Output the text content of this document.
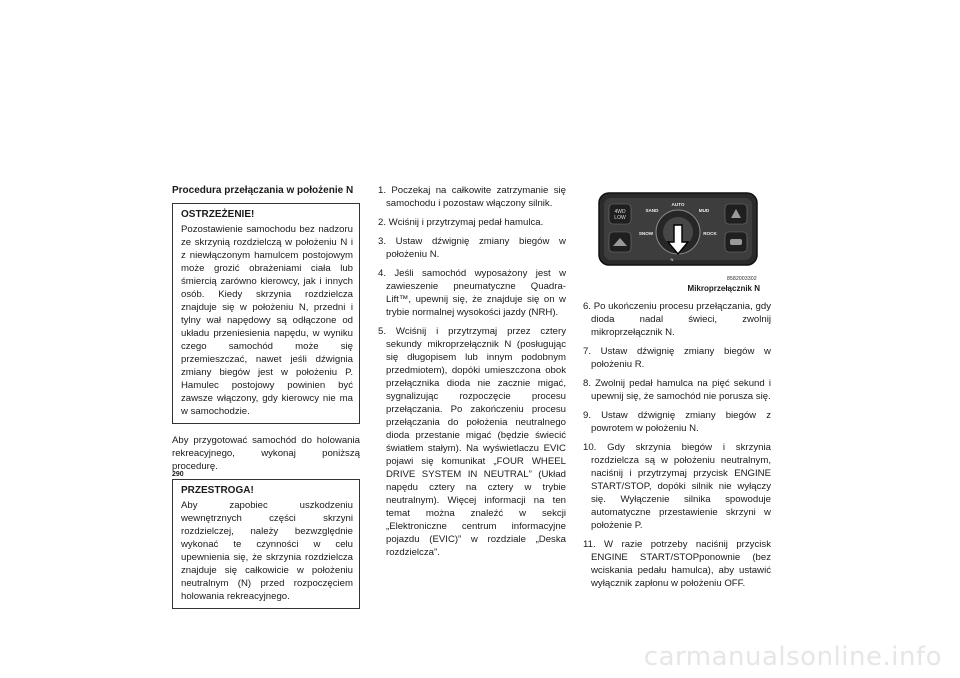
Procedura przełączania w położenie N
OSTRZEŻENIE!
Pozostawienie samochodu bez nadzoru ze skrzynią rozdzielczą w położeniu N i z niewłączonym hamulcem postojowym może grozić obrażeniami ciała lub śmiercią zarówno kierowcy, jak i innych osób. Kiedy skrzynia rozdzielcza znajduje się w położeniu N, przedni i tylny wał napędowy są odłączone od układu przeniesienia napędu, w wyniku czego samochód może się przemieszczać, nawet jeśli dźwignia zmiany biegów jest w położeniu P. Hamulec postojowy powinien być zawsze włączony, gdy kierowcy nie ma w samochodzie.

Aby przygotować samochód do holowania rekreacyjnego, wykonaj poniższą procedurę.

PRZESTROGA!
Aby zapobiec uszkodzeniu wewnętrznych części skrzyni rozdzielczej, należy bezwzględnie wykonać te czynności w celu upewnienia się, że skrzynia rozdzielcza znajduje się całkowicie w położeniu neutralnym (N) przed rozpoczęciem holowania rekreacyjnego.

1. Poczekaj na całkowite zatrzymanie się samochodu i pozostaw włączony silnik.

2. Wciśnij i przytrzymaj pedał hamulca.

3. Ustaw dźwignię zmiany biegów w położeniu N.

4. Jeśli samochód wyposażony jest w zawieszenie pneumatyczne Quadra-Lift™, upewnij się, że znajduje się on w trybie normalnej wysokości jazdy (NRH).

5. Wciśnij i przytrzymaj przez cztery sekundy mikroprzełącznik N (posługując się długopisem lub innym podobnym przedmiotem), dopóki umieszczona obok przełącznika dioda nie zacznie migać, sygnalizując rozpoczęcie procesu przełączania. Po zakończeniu procesu przełączania do położenia neutralnego dioda przestanie migać (będzie świecić światłem stałym). Na wyświetlaczu EVIC pojawi się komunikat „FOUR WHEEL DRIVE SYSTEM IN NEUTRAL” (Układ napędu cztery na cztery w trybie neutralnym). Więcej informacji na ten temat można znaleźć w sekcji „Elektroniczne centrum informacyjne pojazdu (EVIC)” w rozdziale „Deska rozdzielcza”.

4WD
LOW
AUTO
SAND	MUD
SNOW	ROCK
N
8582003302
Mikroprzełącznik N

6. Po ukończeniu procesu przełączania, gdy dioda nadal świeci, zwolnij mikroprzełącznik N.

7. Ustaw dźwignię zmiany biegów w położeniu R.

8. Zwolnij pedał hamulca na pięć sekund i upewnij się, że samochód nie porusza się.

9. Ustaw dźwignię zmiany biegów z powrotem w położeniu N.

10. Gdy skrzynia biegów i skrzynia rozdzielcza są w położeniu neutralnym, naciśnij i przytrzymaj przycisk ENGINE START/STOP, dopóki silnik nie wyłączy się. Wyłączenie silnika spowoduje automatyczne przestawienie skrzyni w położenie P.

11. W razie potrzeby naciśnij przycisk ENGINE START/STOPponownie (bez wciskania pedału hamulca), aby ustawić wyłącznik zapłonu w położeniu OFF.

290
carmanualsonline.info
